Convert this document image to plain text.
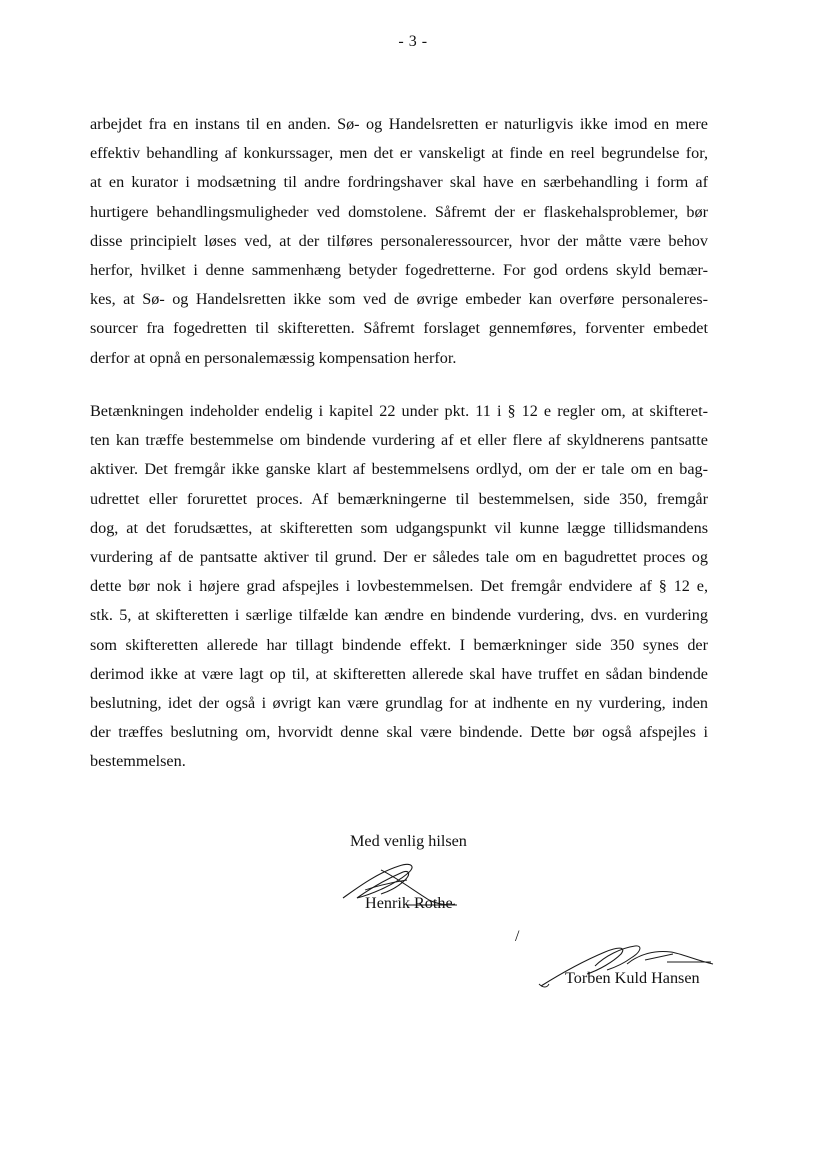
- 3 -
arbejdet fra en instans til en anden. Sø- og Handelsretten er naturligvis ikke imod en mere
effektiv behandling af konkurssager, men det er vanskeligt at finde en reel begrundelse for,
at en kurator i modsætning til andre fordringshaver skal have en særbehandling i form af
hurtigere behandlingsmuligheder ved domstolene. Såfremt der er flaskehalsproblemer, bør
disse principielt løses ved, at der tilføres personaleressourcer, hvor der måtte være behov
herfor, hvilket i denne sammenhæng betyder fogedretterne. For god ordens skyld bemær-
kes, at Sø- og Handelsretten ikke som ved de øvrige embeder kan overføre personaleres-
sourcer fra fogedretten til skifteretten. Såfremt forslaget gennemføres, forventer embedet
derfor at opnå en personalemæssig kompensation herfor.
Betænkningen indeholder endelig i kapitel 22 under pkt. 11 i § 12 e regler om, at skifteret-
ten kan træffe bestemmelse om bindende vurdering af et eller flere af skyldnerens pantsatte
aktiver. Det fremgår ikke ganske klart af bestemmelsens ordlyd, om der er tale om en bag-
udrettet eller forurettet proces. Af bemærkningerne til bestemmelsen, side 350, fremgår
dog, at det forudsættes, at skifteretten som udgangspunkt vil kunne lægge tillidsmandens
vurdering af de pantsatte aktiver til grund. Der er således tale om en bagudrettet proces og
dette bør nok i højere grad afspejles i lovbestemmelsen. Det fremgår endvidere af § 12 e,
stk. 5, at skifteretten i særlige tilfælde kan ændre en bindende vurdering, dvs. en vurdering
som skifteretten allerede har tillagt bindende effekt. I bemærkninger side 350 synes der
derimod ikke at være lagt op til, at skifteretten allerede skal have truffet en sådan bindende
beslutning, idet der også i øvrigt kan være grundlag for at indhente en ny vurdering, inden
der træffes beslutning om, hvorvidt denne skal være bindende. Dette bør også afspejles i
bestemmelsen.
Med venlig hilsen
Henrik Rothe
/
Torben Kuld Hansen
